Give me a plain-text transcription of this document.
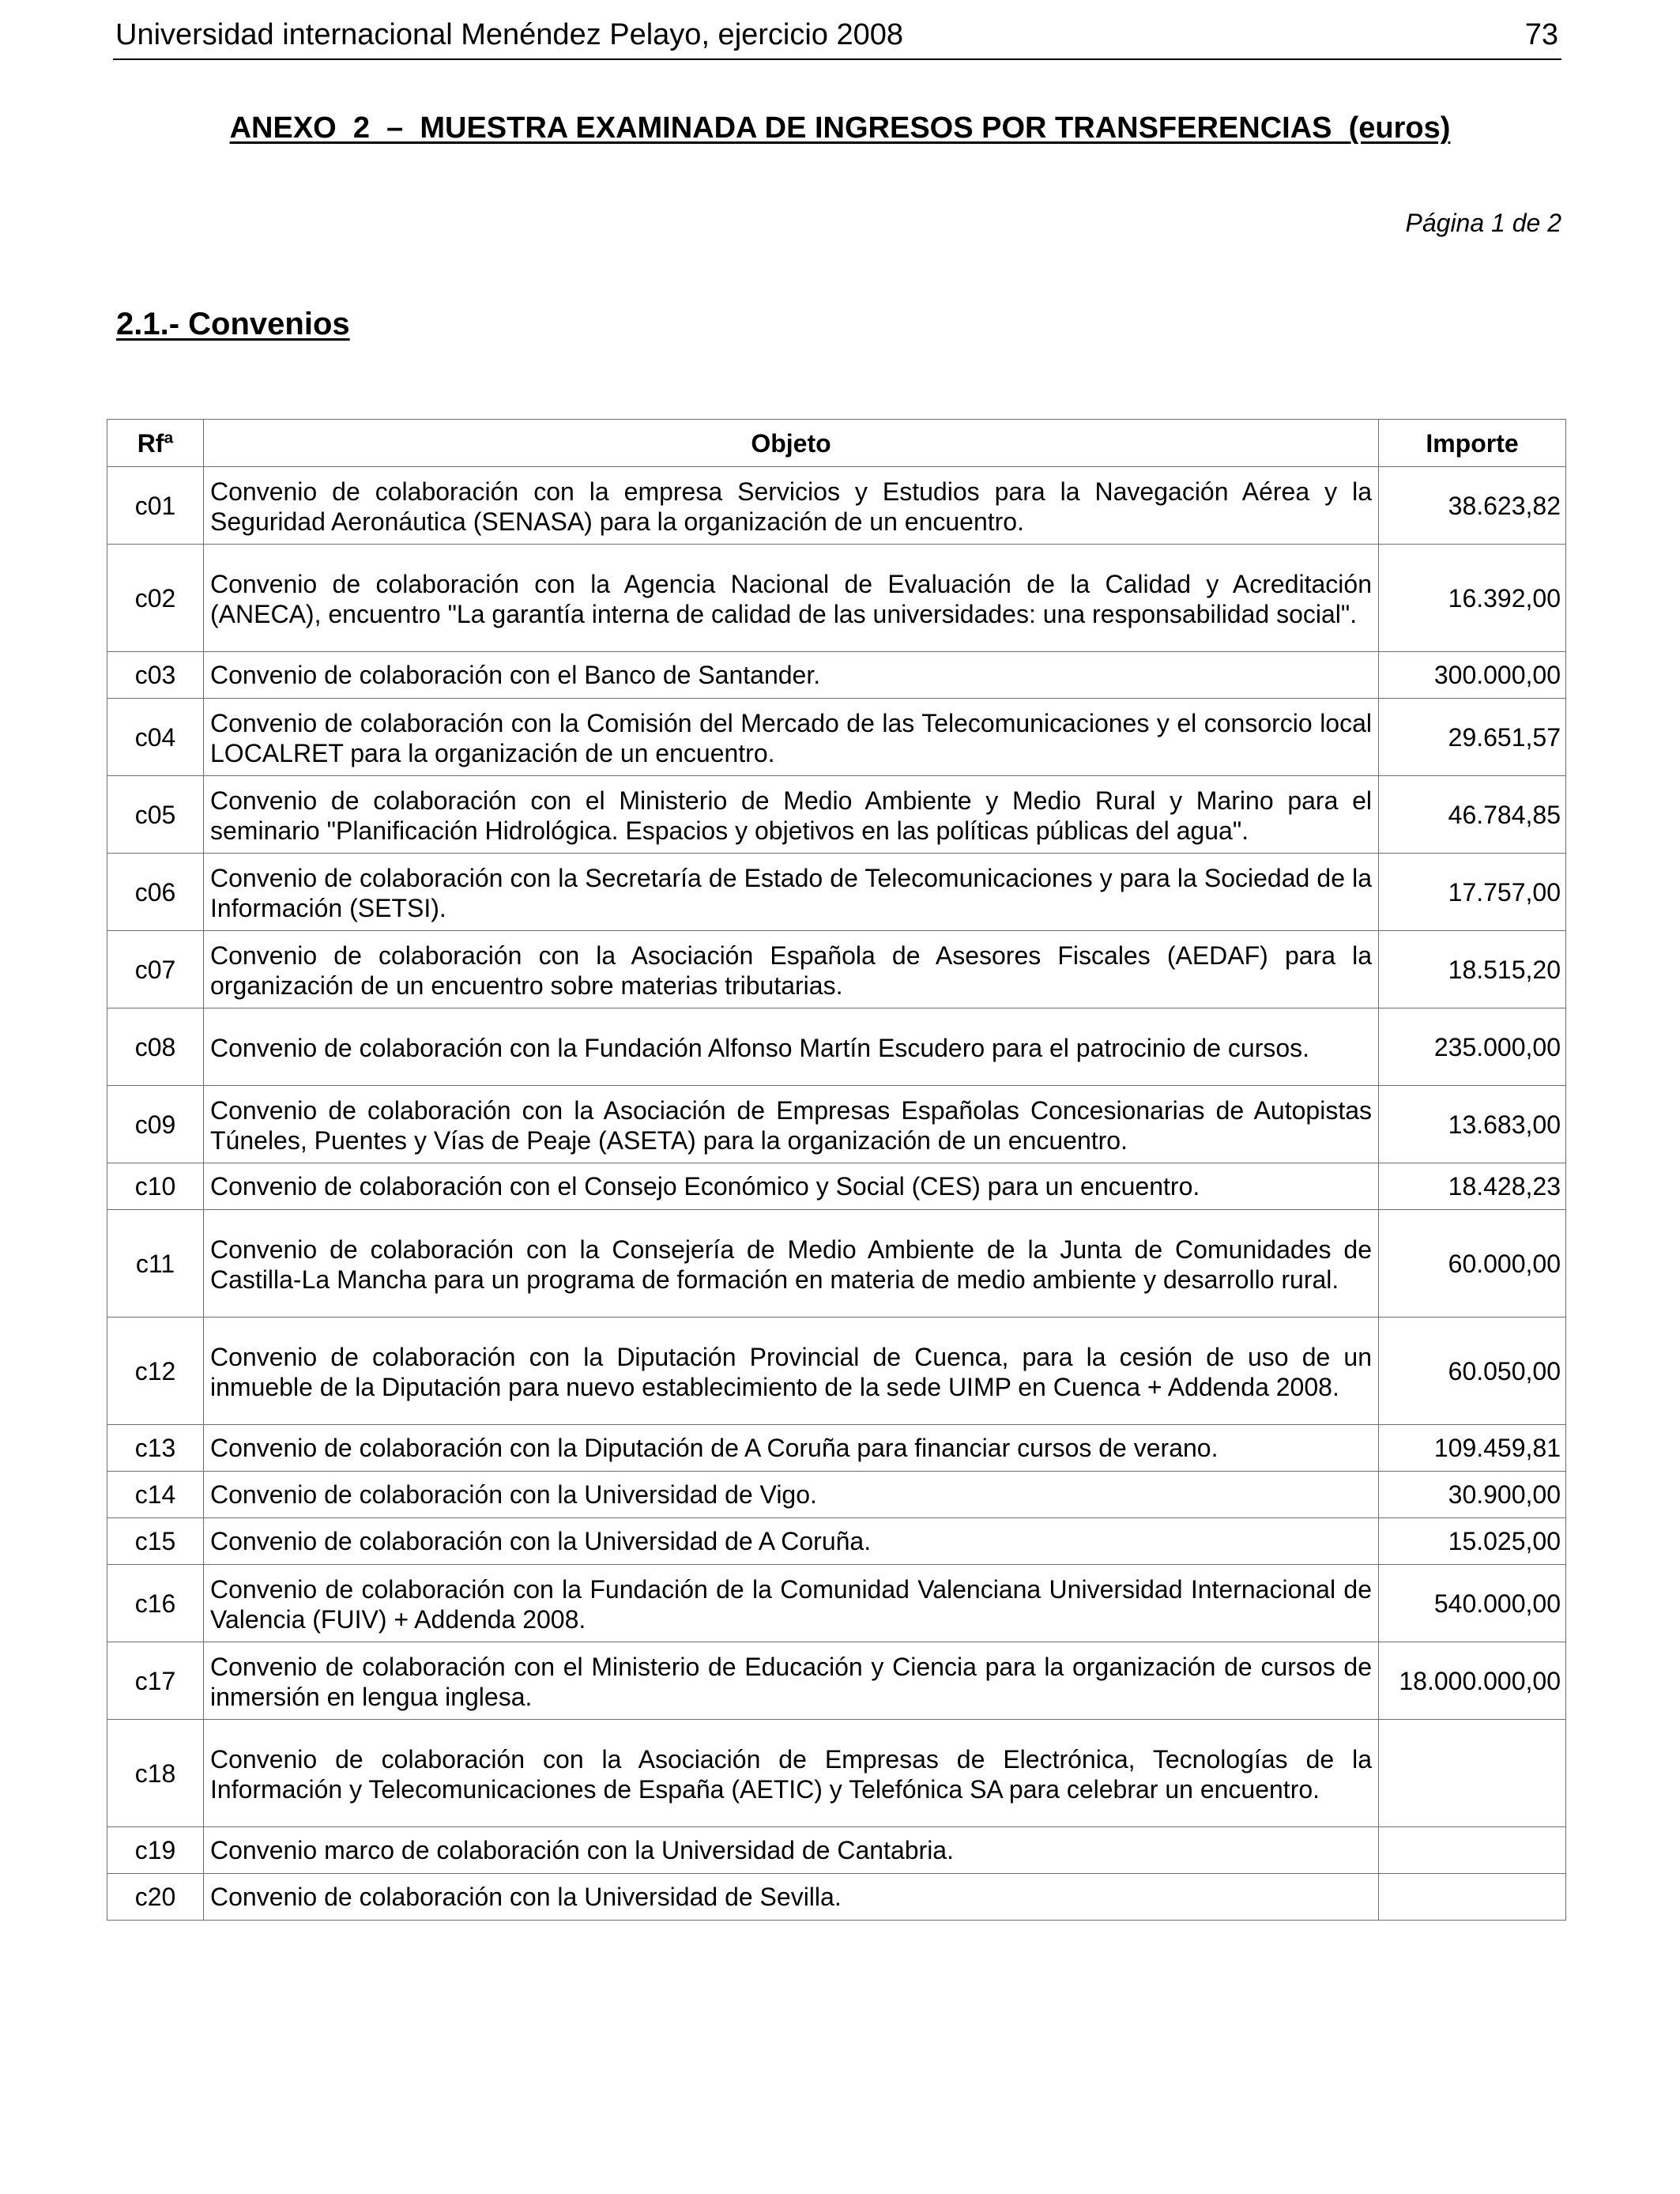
Universidad internacional Menéndez Pelayo, ejercicio 2008	73
ANEXO  2  –  MUESTRA EXAMINADA DE INGRESOS POR TRANSFERENCIAS  (euros)
Página 1 de 2
2.1.- Convenios
Rfª	Objeto	Importe
c01	Convenio de colaboración con la empresa Servicios y Estudios para la Navegación Aérea y la Seguridad Aeronáutica (SENASA) para la organización de un encuentro.	38.623,82
c02	Convenio de colaboración con la Agencia Nacional de Evaluación de la Calidad y Acreditación (ANECA), encuentro "La garantía interna de calidad de las universidades: una responsabilidad social".	16.392,00
c03	Convenio de colaboración con el Banco de Santander.	300.000,00
c04	Convenio de colaboración con la Comisión del Mercado de las Telecomunicaciones y el consorcio local LOCALRET para la organización de un encuentro.	29.651,57
c05	Convenio de colaboración con el Ministerio de Medio Ambiente y Medio Rural y Marino para el seminario "Planificación Hidrológica. Espacios y objetivos en las políticas públicas del agua".	46.784,85
c06	Convenio de colaboración con la Secretaría de Estado de Telecomunicaciones y para la Sociedad de la Información (SETSI).	17.757,00
c07	Convenio de colaboración con la Asociación Española de Asesores Fiscales (AEDAF) para la organización de un encuentro sobre materias tributarias.	18.515,20
c08	Convenio de colaboración con la Fundación Alfonso Martín Escudero para el patrocinio de cursos.	235.000,00
c09	Convenio de colaboración con la Asociación de Empresas Españolas Concesionarias de Autopistas Túneles, Puentes y Vías de Peaje (ASETA) para la organización de un encuentro.	13.683,00
c10	Convenio de colaboración con el Consejo Económico y Social (CES) para un encuentro.	18.428,23
c11	Convenio de colaboración con la Consejería de Medio Ambiente de la Junta de Comunidades de Castilla-La Mancha para un programa de formación en materia de medio ambiente y desarrollo rural.	60.000,00
c12	Convenio de colaboración con la Diputación Provincial de Cuenca, para la cesión de uso de un inmueble de la Diputación para nuevo establecimiento de la sede UIMP en Cuenca + Addenda 2008.	60.050,00
c13	Convenio de colaboración con la Diputación de A Coruña para financiar cursos de verano.	109.459,81
c14	Convenio de colaboración con la Universidad de Vigo.	30.900,00
c15	Convenio de colaboración con la Universidad de A Coruña.	15.025,00
c16	Convenio de colaboración con la Fundación de la Comunidad Valenciana Universidad Internacional de Valencia (FUIV) + Addenda 2008.	540.000,00
c17	Convenio de colaboración con el Ministerio de Educación y Ciencia para la organización de cursos de inmersión en lengua inglesa.	18.000.000,00
c18	Convenio de colaboración con la Asociación de Empresas de Electrónica, Tecnologías de la Información y Telecomunicaciones de España (AETIC) y Telefónica SA para celebrar un encuentro.	
c19	Convenio marco de colaboración con la Universidad de Cantabria.	
c20	Convenio de colaboración con la Universidad de Sevilla.	
